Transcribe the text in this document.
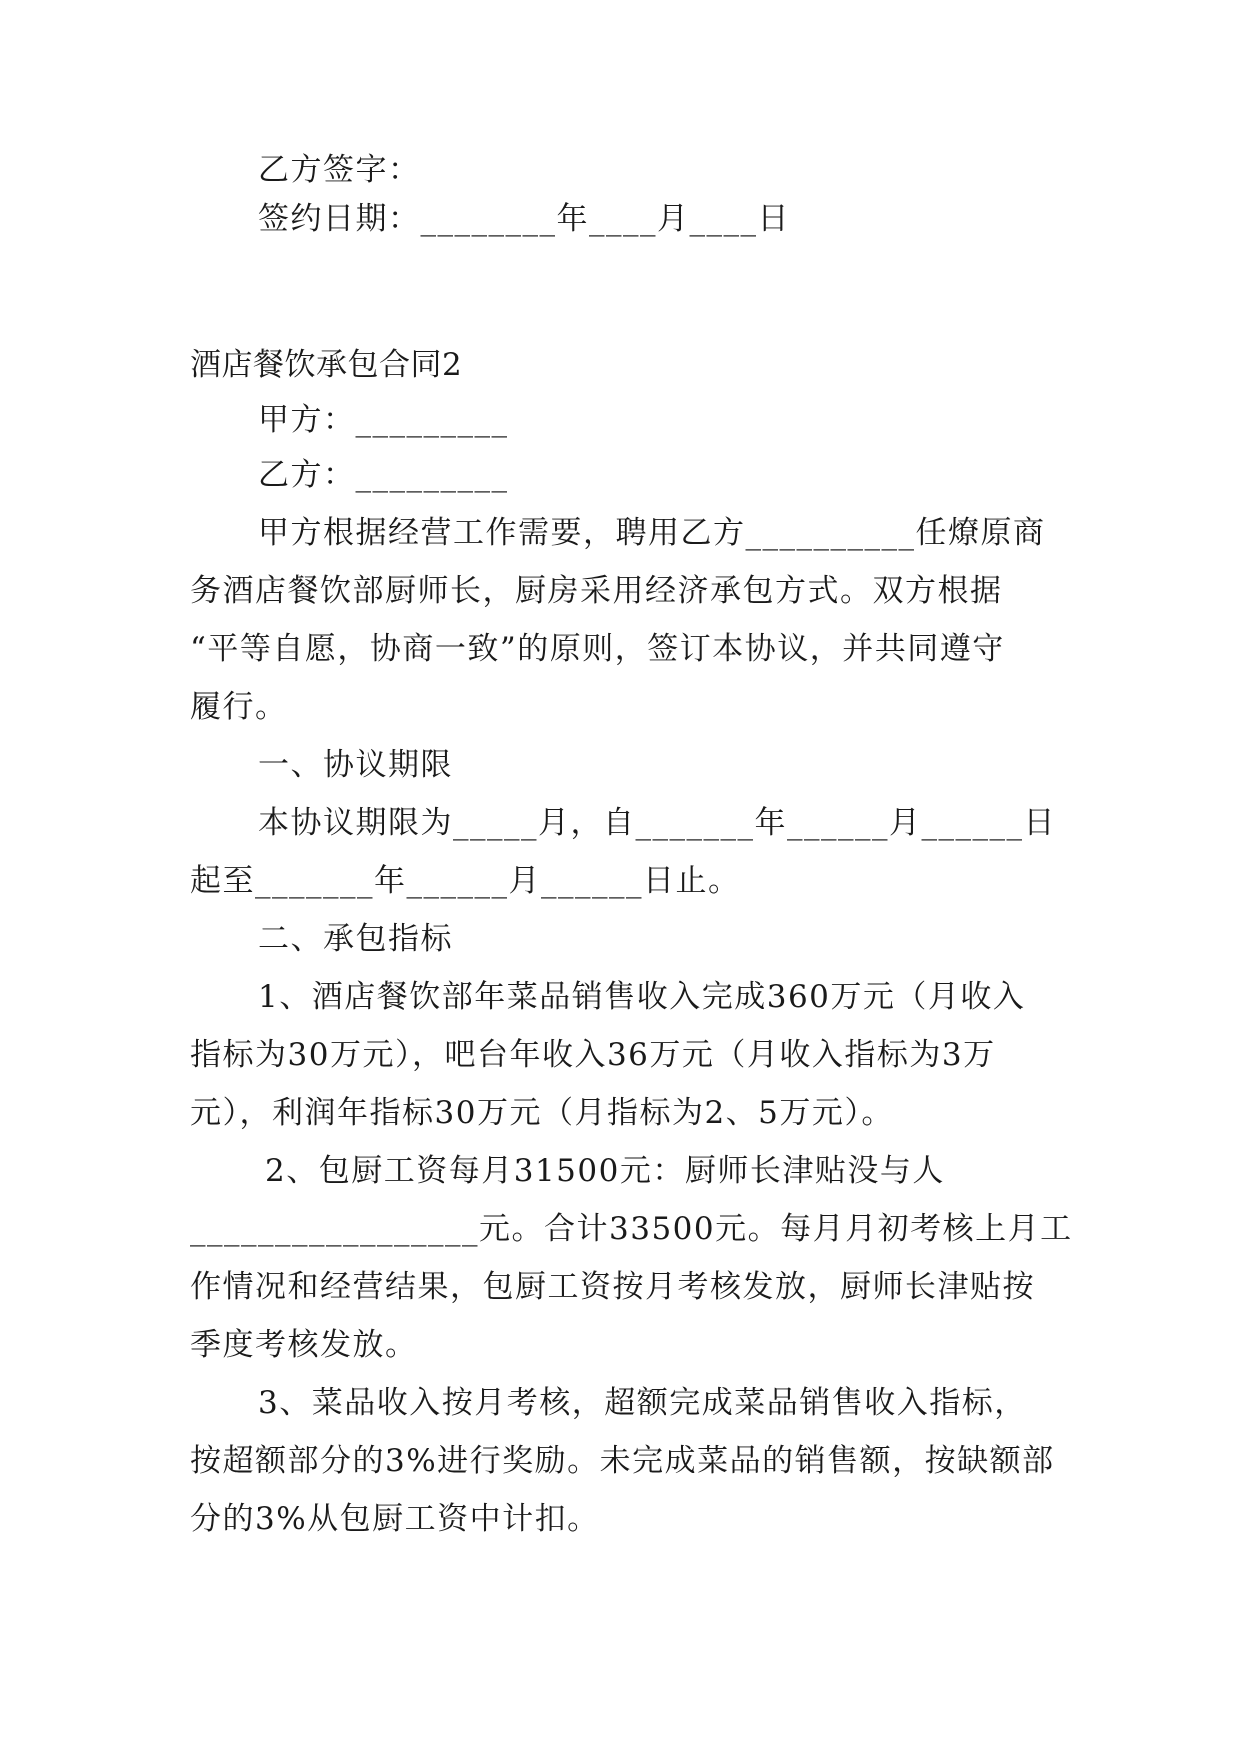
乙方签字：
签约日期：________年____月____日
酒店餐饮承包合同2
甲方：_________
乙方：_________
甲方根据经营工作需要，聘用乙方__________任燎原商
务酒店餐饮部厨师长，厨房采用经济承包方式。双方根据
“平等自愿，协商一致”的原则，签订本协议，并共同遵守
履行。
一、协议期限
本协议期限为_____月，自_______年______月______日
起至_______年______月______日止。
二、承包指标
1、酒店餐饮部年菜品销售收入完成360万元（月收入
指标为30万元），吧台年收入36万元（月收入指标为3万
元），利润年指标30万元（月指标为2、5万元）。
2、包厨工资每月31500元：厨师长津贴没与人
_________________元。合计33500元。每月月初考核上月工
作情况和经营结果，包厨工资按月考核发放，厨师长津贴按
季度考核发放。
3、菜品收入按月考核，超额完成菜品销售收入指标，
按超额部分的3%进行奖励。未完成菜品的销售额，按缺额部
分的3%从包厨工资中计扣。
